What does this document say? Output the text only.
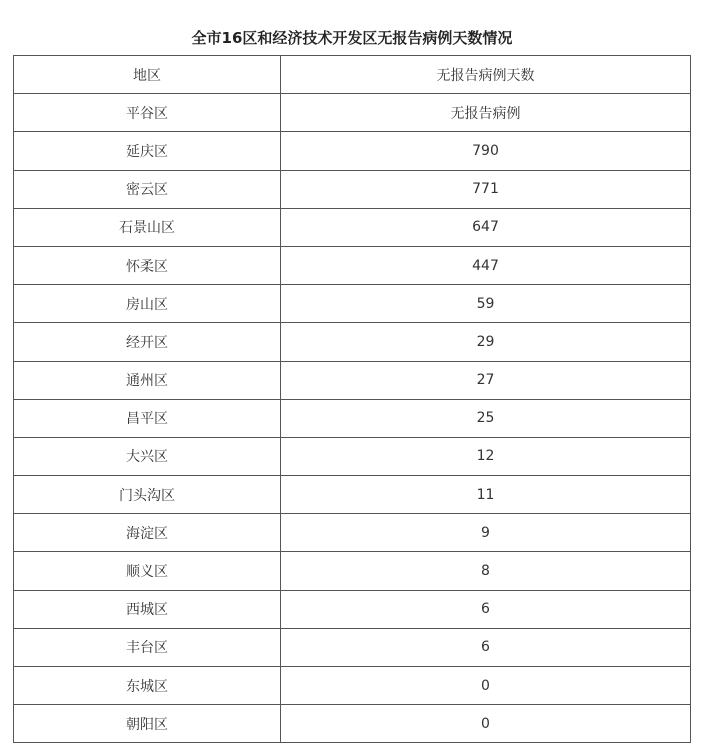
全市16区和经济技术开发区无报告病例天数情况
地区	无报告病例天数
平谷区	无报告病例
延庆区	790
密云区	771
石景山区	647
怀柔区	447
房山区	59
经开区	29
通州区	27
昌平区	25
大兴区	12
门头沟区	11
海淀区	9
顺义区	8
西城区	6
丰台区	6
东城区	0
朝阳区	0
